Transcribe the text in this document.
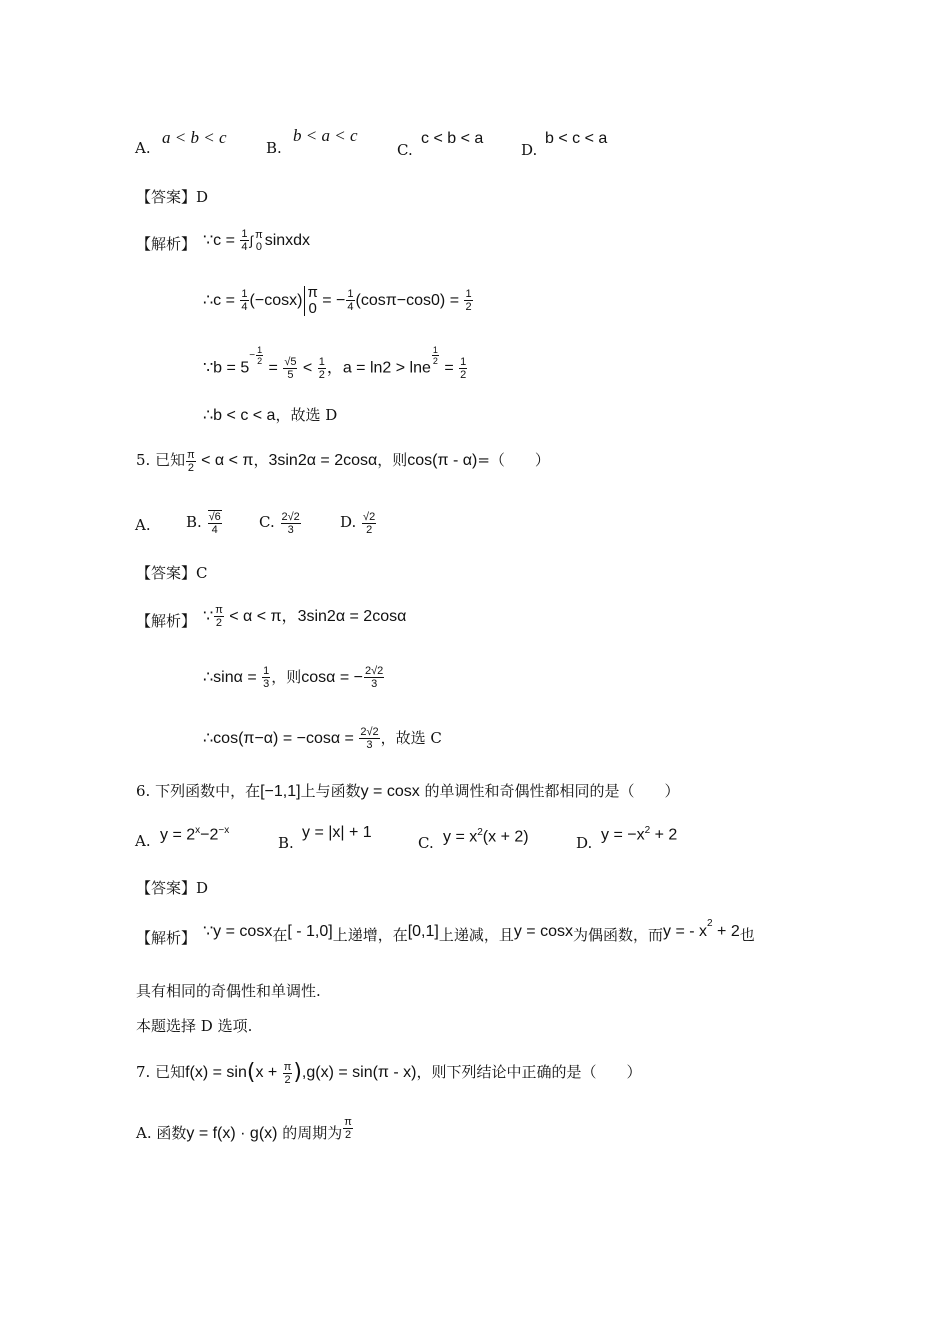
A.
a < b < c
B.
b < a < c
C.
c < b < a
D.
b < c < a
【答案】D
【解析】 ∵c = $\frac{1}{4}$ ∫ π
0 sinxdx
∴c = $\frac{1}{4} (-\cos x)$ π
0 = − $\frac{1}{4} (\cos\pi-\cos 0) = \frac{1}{2}$
∵b = $5^{- \frac{1}{2}}$
= $\frac{√5}{5} < \frac{1}{2}$ ，a = ln2 > lne
$^{\frac{1}{2}}$
= $\frac{1}{2}$
∴b < c < a，故选 D
5. 已知 $\frac{\pi}{2} < \alpha < \pi$，3sin2α = 2cosα，则cos(π - α)=（　　）
A. B. $\frac{√6}{4} C$. $\frac{2√2}{3}$	D. $\frac{√2}{2}$
【答案】C
【解析】 ∵ $\frac{\pi}{2} < \alpha < \pi$，3sin2α = 2cosα
∴sinα = $\frac{1}{3}$ ，则cosα = − $\frac{2√2}{3}$
∴cos(π−α) = $-\cos\alpha = \frac{2√2}{3}$ ，故选 C
6. 下列函数中，在[−1,1]上与函数y = cosx 的单调性和奇偶性都相同的是（　　）
A. $y = 2^x-2^{-x}$
B.
y = |x| + 1
C. $y = x^2(x + 2)$	D. $y = -x^2 + 2$
【答案】D
【解析】 ∵y = cosx在[ - 1,0]上递增，在[0,1]上递减，且y = cosx为偶函数，而y = - $x^2 + 2$也
具有相同的奇偶性和单调性.
本题选择 D 选项.
7. 已知$f(x) = \sin(x + \frac{\pi}{2} ),g(x) = \sin(\pi - x)$，则下列结论中正确的是（　　）
A. 函数y = f(x) · g(x) 的周期为 $\frac{\pi}{2}$
